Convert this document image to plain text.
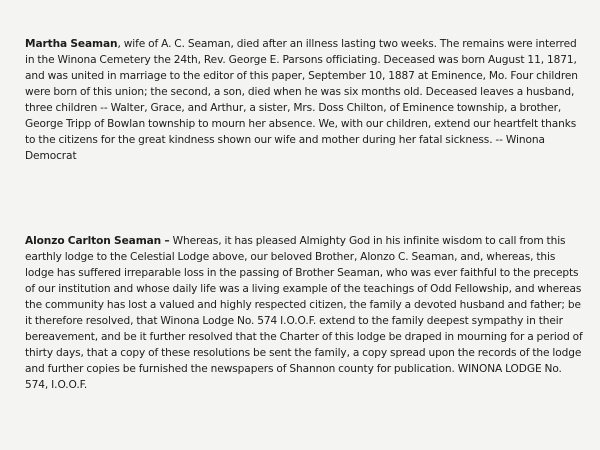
Martha Seaman, wife of A. C. Seaman, died after an illness lasting two weeks. The remains were interred in the Winona Cemetery the 24th, Rev. George E. Parsons officiating. Deceased was born August 11, 1871, and was united in marriage to the editor of this paper, September 10, 1887 at Eminence, Mo. Four children were born of this union; the second, a son, died when he was six months old. Deceased leaves a husband, three children -- Walter, Grace, and Arthur, a sister, Mrs. Doss Chilton, of Eminence township, a brother, George Tripp of Bowlan township to mourn her absence. We, with our children, extend our heartfelt thanks to the citizens for the great kindness shown our wife and mother during her fatal sickness. -- Winona Democrat

Alonzo Carlton Seaman – Whereas, it has pleased Almighty God in his infinite wisdom to call from this earthly lodge to the Celestial Lodge above, our beloved Brother, Alonzo C. Seaman, and, whereas, this lodge has suffered irreparable loss in the passing of Brother Seaman, who was ever faithful to the precepts of our institution and whose daily life was a living example of the teachings of Odd Fellowship, and whereas the community has lost a valued and highly respected citizen, the family a devoted husband and father; be it therefore resolved, that Winona Lodge No. 574 I.O.O.F. extend to the family deepest sympathy in their bereavement, and be it further resolved that the Charter of this lodge be draped in mourning for a period of thirty days, that a copy of these resolutions be sent the family, a copy spread upon the records of the lodge and further copies be furnished the newspapers of Shannon county for publication. WINONA LODGE No. 574, I.O.O.F.
